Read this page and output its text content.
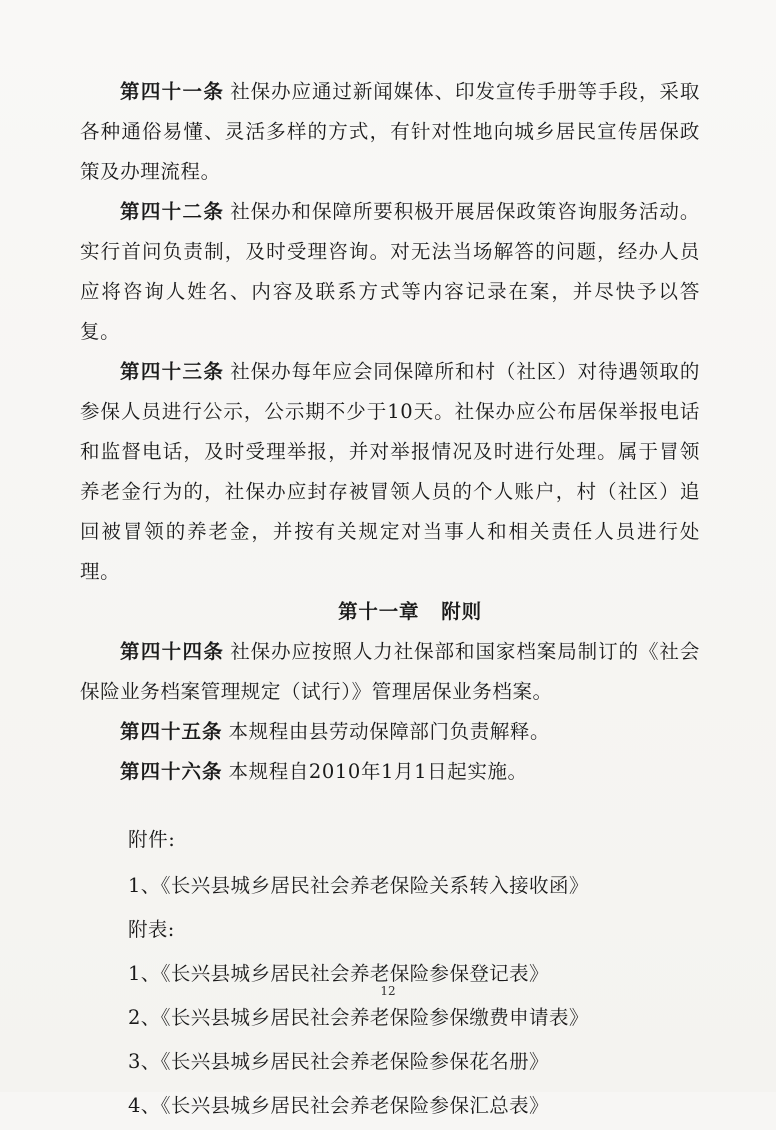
第四十一条 社保办应通过新闻媒体、印发宣传手册等手段，采取各种通俗易懂、灵活多样的方式，有针对性地向城乡居民宣传居保政策及办理流程。

第四十二条 社保办和保障所要积极开展居保政策咨询服务活动。实行首问负责制，及时受理咨询。对无法当场解答的问题，经办人员应将咨询人姓名、内容及联系方式等内容记录在案，并尽快予以答复。

第四十三条 社保办每年应会同保障所和村（社区）对待遇领取的参保人员进行公示，公示期不少于10天。社保办应公布居保举报电话和监督电话，及时受理举报，并对举报情况及时进行处理。属于冒领养老金行为的，社保办应封存被冒领人员的个人账户，村（社区）追回被冒领的养老金，并按有关规定对当事人和相关责任人员进行处理。

第十一章 附则

第四十四条 社保办应按照人力社保部和国家档案局制订的《社会保险业务档案管理规定（试行）》管理居保业务档案。

第四十五条 本规程由县劳动保障部门负责解释。

第四十六条 本规程自2010年1月1日起实施。

附件:

1、《长兴县城乡居民社会养老保险关系转入接收函》

附表:

1、《长兴县城乡居民社会养老保险参保登记表》

2、《长兴县城乡居民社会养老保险参保缴费申请表》

3、《长兴县城乡居民社会养老保险参保花名册》

4、《长兴县城乡居民社会养老保险参保汇总表》

12
